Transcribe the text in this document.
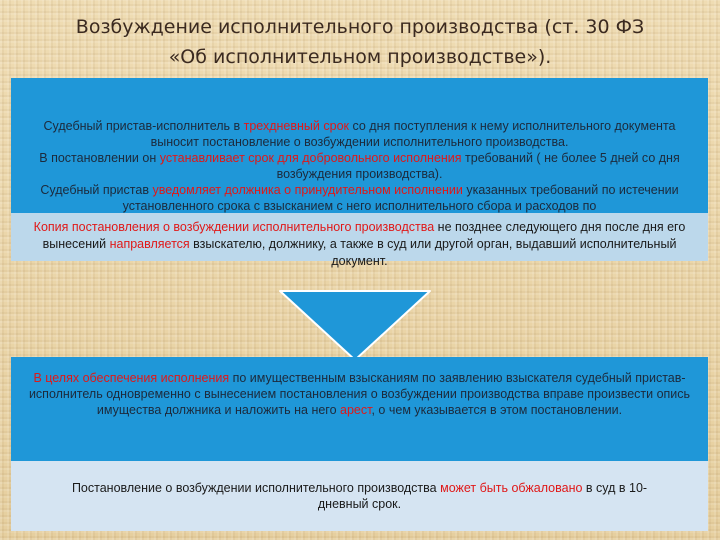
Возбуждение исполнительного производства (ст. 30 ФЗ
«Об исполнительном производстве»).

Судебный пристав-исполнитель в трехдневный срок со дня поступления к нему исполнительного документа выносит постановление о возбуждении исполнительного производства.

В постановлении он устанавливает срок для добровольного исполнения требований ( не более 5 дней со дня возбуждения производства).

Судебный пристав уведомляет должника о принудительном исполнении указанных требований по истечении установленного срока с взысканием с него исполнительного сбора и расходов по

Копия постановления о возбуждении исполнительного производства не позднее следующего дня после дня его вынесений направляется взыскателю, должнику, а также в суд или другой орган, выдавший исполнительный документ.

В целях обеспечения исполнения по имущественным взысканиям по заявлению взыскателя судебный пристав-исполнитель одновременно с вынесением постановления о возбуждении производства вправе произвести опись имущества должника и наложить на него арест, о чем указывается в этом постановлении.

Постановление о возбуждении исполнительного производства может быть обжаловано в суд в 10-дневный срок.
